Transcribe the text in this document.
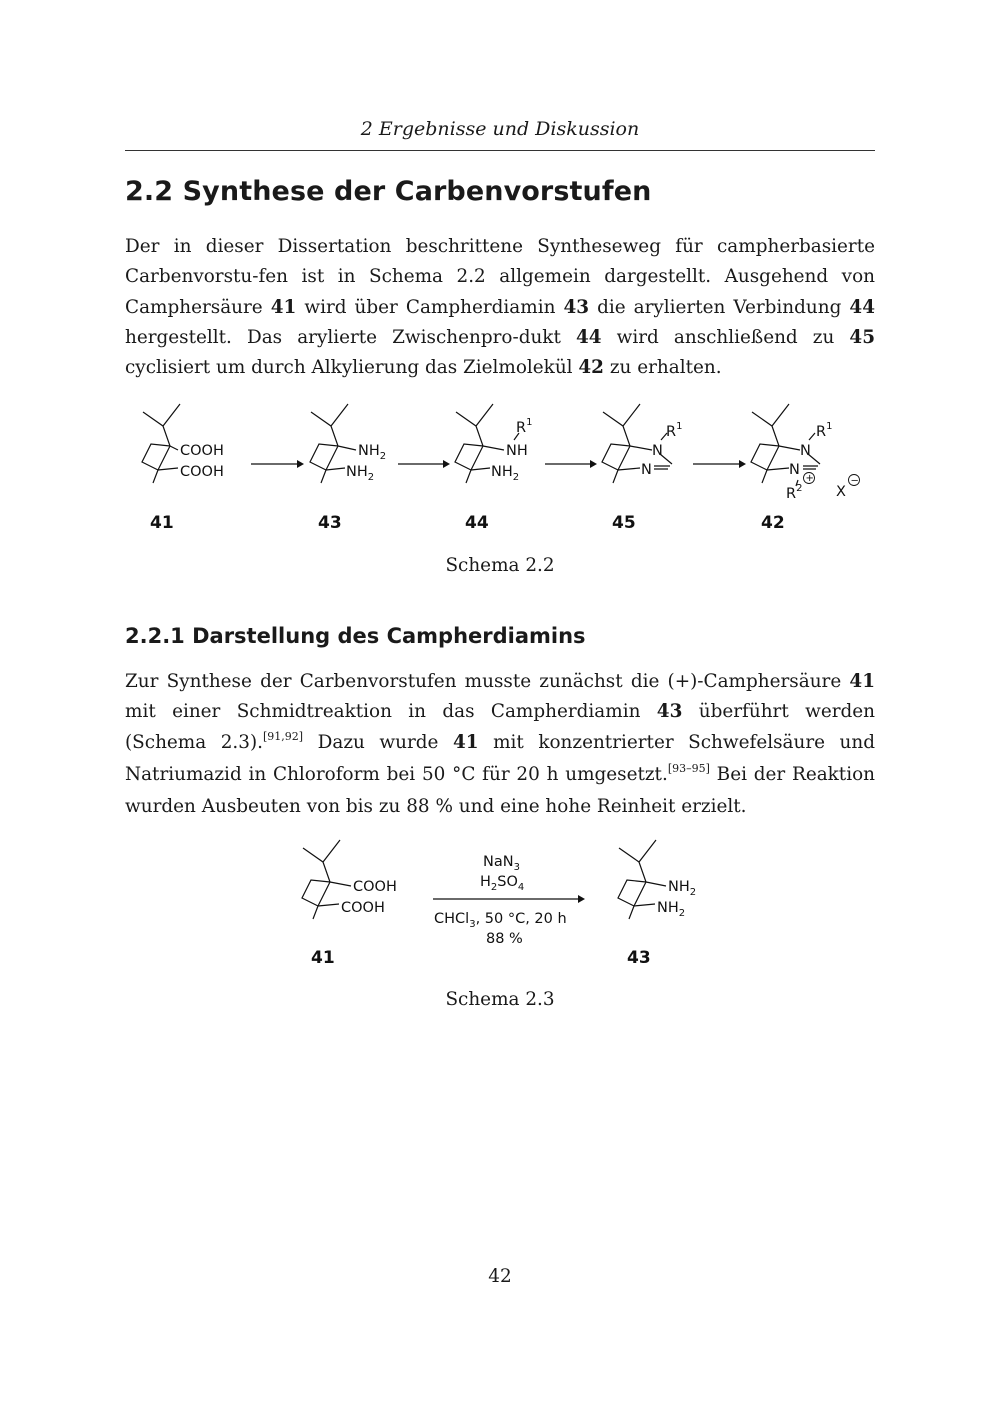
2 Ergebnisse und Diskussion
2.2 Synthese der Carbenvorstufen

Der in dieser Dissertation beschrittene Syntheseweg für campherbasierte Carbenvorstu-fen ist in Schema 2.2 allgemein dargestellt. Ausgehend von Camphersäure 41 wird über Campherdiamin 43 die arylierten Verbindung 44 hergestellt. Das arylierte Zwischenpro-dukt 44 wird anschließend zu 45 cyclisiert um durch Alkylierung das Zielmolekül 42 zu erhalten.

COOH
COOH
41
$NH_2$
$NH_2$
43
$R^1$
NH
$NH_2$
44
$R^1$
N
N
45
$R^1$
N
N
+
$R^2$ X
−
42
Schema 2.2
2.2.1 Darstellung des Campherdiamins

Zur Synthese der Carbenvorstufen musste zunächst die (+)-Camphersäure 41 mit einer Schmidtreaktion in das Campherdiamin 43 überführt werden (Schema 2.3).[91,92] Dazu wurde 41 mit konzentrierter Schwefelsäure und Natriumazid in Chloroform bei 50 °C für 20 h umgesetzt.[93–95] Bei der Reaktion wurden Ausbeuten von bis zu 88 % und eine hohe Reinheit erzielt.

COOH
COOH
41
NaN$_3$
$H_2SO_4$
CHCl$_3$, 50 °C, 20 h
88 %
$NH_2$
$NH_2$
43
Schema 2.3
42
